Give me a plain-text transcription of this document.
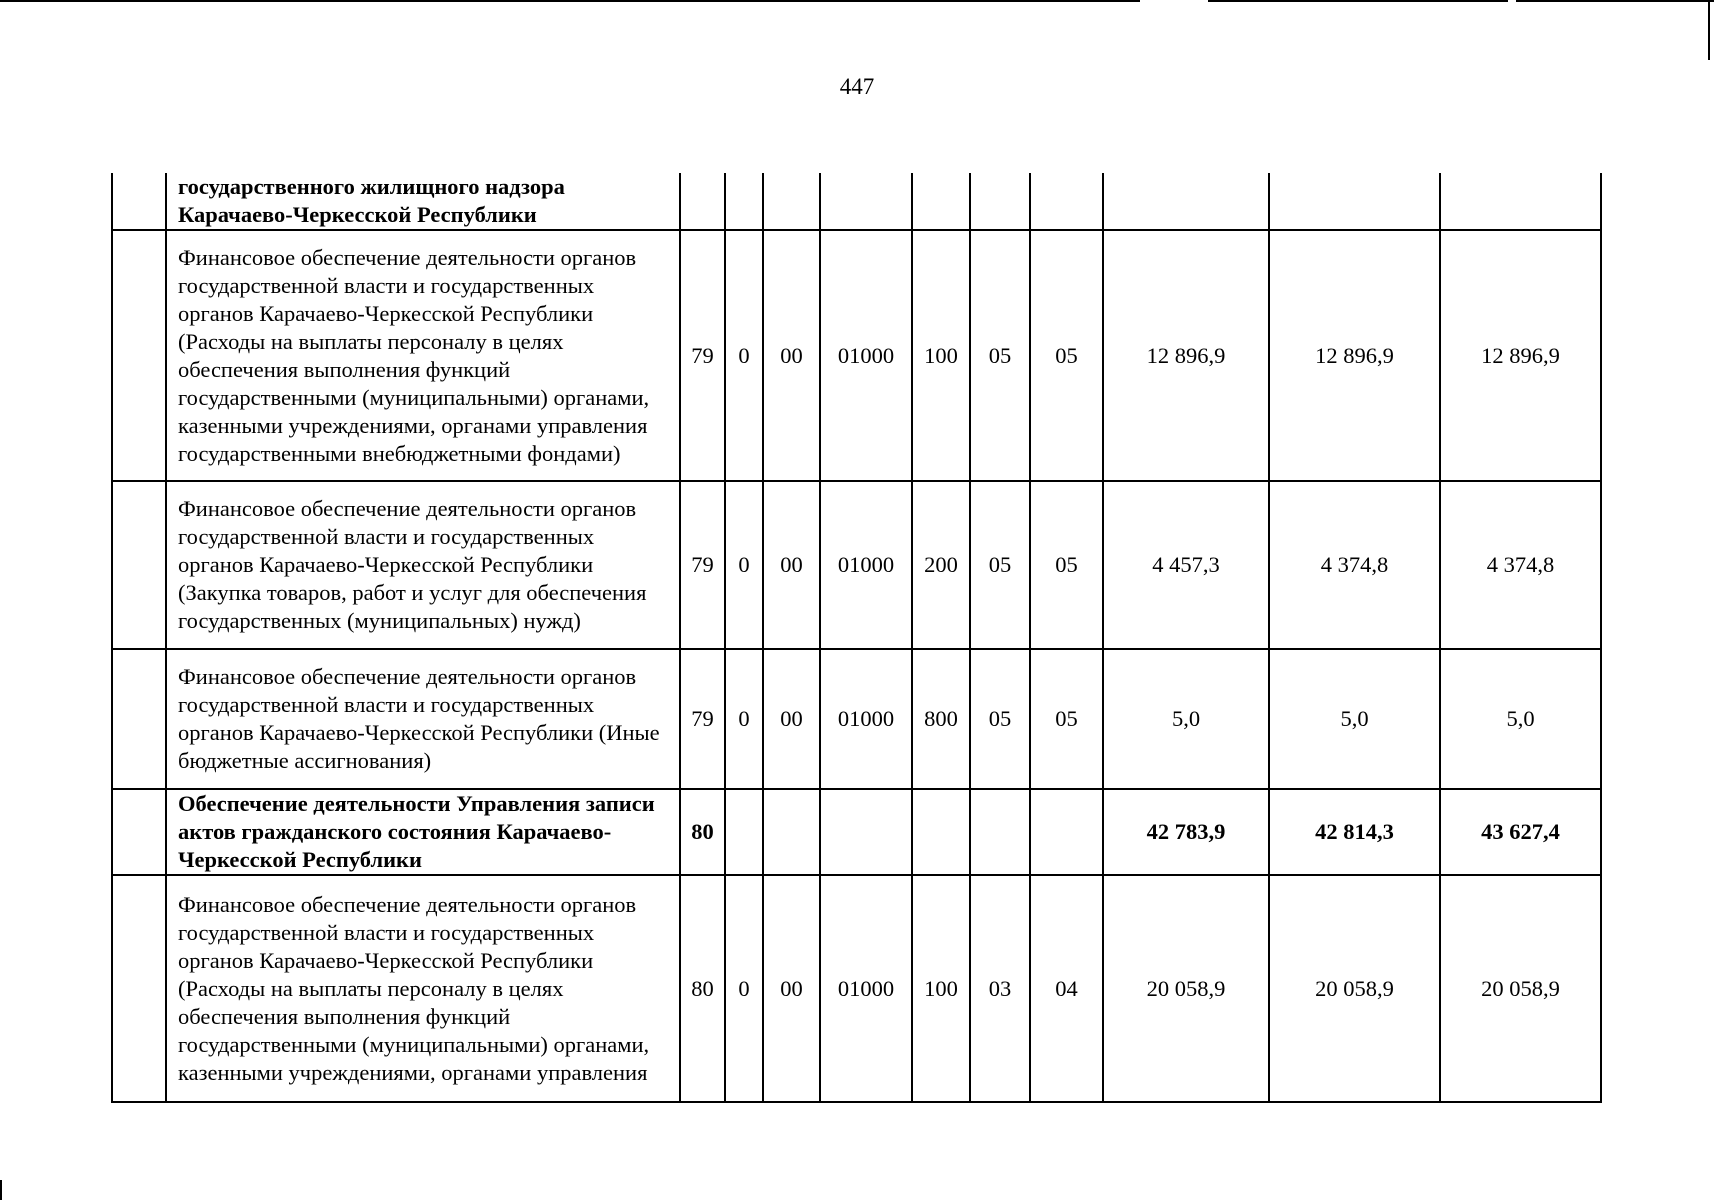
447
	государственного жилищного надзора Карачаево-Черкесской Республики										
	Финансовое обеспечение деятельности органов государственной власти и государственных органов Карачаево-Черкесской Республики (Расходы на выплаты персоналу в целях обеспечения выполнения функций государственными (муниципальными) органами, казенными учреждениями, органами управления государственными внебюджетными фондами)	79	0	00	01000	100	05	05	12 896,9	12 896,9	12 896,9
	Финансовое обеспечение деятельности органов государственной власти и государственных органов Карачаево-Черкесской Республики (Закупка товаров, работ и услуг для обеспечения государственных (муниципальных) нужд)	79	0	00	01000	200	05	05	4 457,3	4 374,8	4 374,8
	Финансовое обеспечение деятельности органов государственной власти и государственных органов Карачаево-Черкесской Республики (Иные бюджетные ассигнования)	79	0	00	01000	800	05	05	5,0	5,0	5,0
	Обеспечение деятельности Управления записи актов гражданского состояния Карачаево-Черкесской Республики	80							42 783,9	42 814,3	43 627,4
	Финансовое обеспечение деятельности органов государственной власти и государственных органов Карачаево-Черкесской Республики (Расходы на выплаты персоналу в целях обеспечения выполнения функций государственными (муниципальными) органами, казенными учреждениями, органами управления	80	0	00	01000	100	03	04	20 058,9	20 058,9	20 058,9
